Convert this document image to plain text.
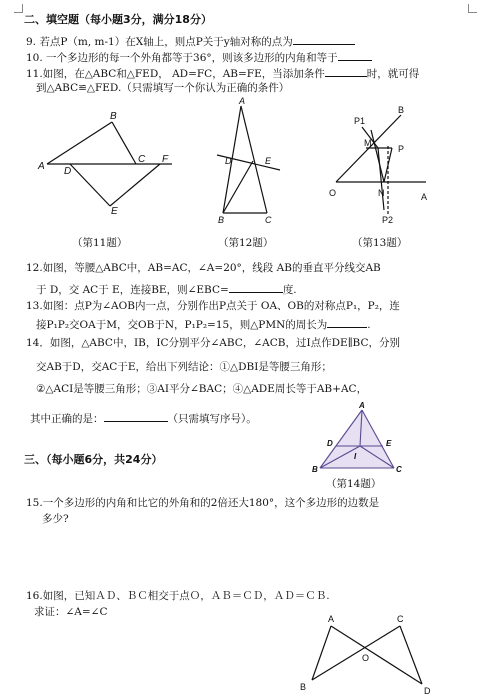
二、填空题（每小题3分，满分18分）
9. 若点P（m, m-1）在X轴上，则点P关于y轴对称的点为
10. 一个多边形的每一个外角都等于36°，则该多边形的内角和等于
11.如图，在△ABC和△FED， AD=FC，AB=FE，当添加条件	时，就可得
到△ABC≌△FED.（只需填写一个你认为正确的条件）
B
A D
C F
E
（第11题）
A
D	E
B	C
（第12题）
B
P1
M
P
O	N	A
P2
（第13题）
12.如图，等腰△ABC中，AB=AC，∠A=20°，线段 AB的垂直平分线交AB
于 D，交 AC于 E，连接BE，则∠EBC=	度.
13.如图：点P为∠AOB内一点，分别作出P点关于 OA、OB的对称点P₁，P₂，连
接P₁P₂交OA于M，交OB于N，P₁P₂=15，则△PMN的周长为	.
14．如图，△ABC中，IB，IC分别平分∠ABC，∠ACB，过I点作DE∥BC，分别
交AB于D，交AC于E，给出下列结论：①△DBI是等腰三角形；
②△ACI是等腰三角形；③AI平分∠BAC；④△ADE周长等于AB+AC，
其中正确的是：	（只需填写序号）。
A
D	E
I
B	C
（第14题）
三、（每小题6分，共24分）
15.一个多边形的内角和比它的外角和的2倍还大180°，这个多边形的边数是
多少?
16.如图，已知ＡＤ、ＢＣ相交于点Ｏ，ＡＢ＝ＣＤ，ＡＤ＝ＣＢ.
求证：∠A=∠C
A	C
O
B	D
